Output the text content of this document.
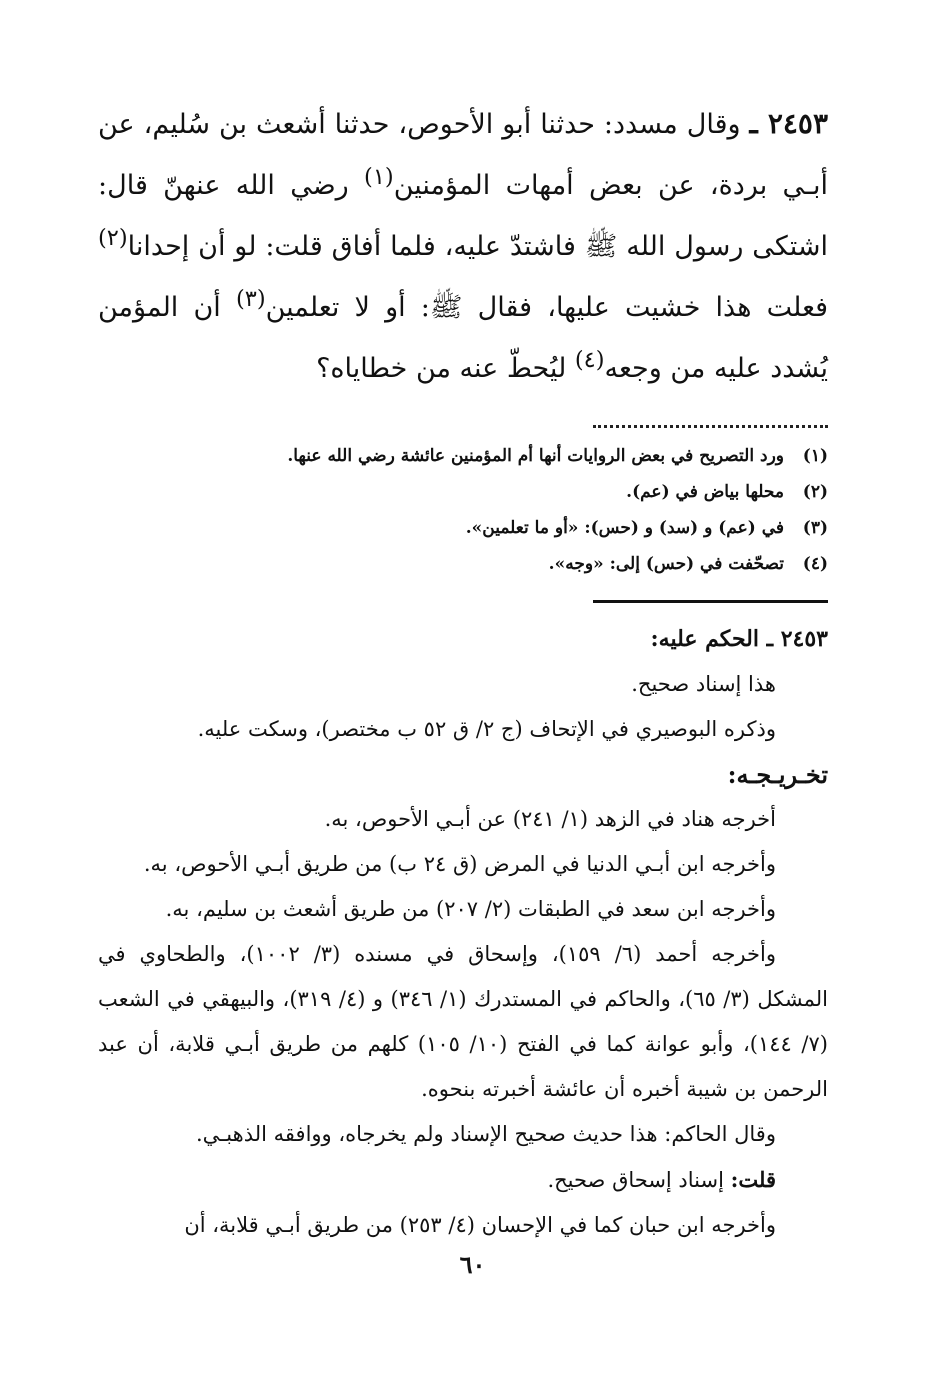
٢٤٥٣ ـ وقال مسدد: حدثنا أبو الأحوص، حدثنا أشعث بن سُليم، عن أبـي بردة، عن بعض أمهات المؤمنين$^{(١)}$ رضي الله عنهنّ قال: اشتكى رسول الله ﷺ فاشتدّ عليه، فلما أفاق قلت: لو أن إحدانا$^{(٢)}$ فعلت هذا خشيت عليها، فقال ﷺ: أو لا تعلمين$^{(٣)}$ أن المؤمن يُشدد عليه من وجعه$^{(٤)}$ ليُحطّ عنه من خطاياه؟

(١)ورد التصريح في بعض الروايات أنها أم المؤمنين عائشة رضي الله عنها.
(٢)محلها بياض في (عم).
(٣)في (عم) و (سد) و (حس): «أو ما تعلمين».
(٤)تصحّفت في (حس) إلى: «وجه».

٢٤٥٣ ـ الحكم عليه:

هذا إسناد صحيح.

وذكره البوصيري في الإتحاف (ج ٢/ ق ٥٢ ب مختصر)، وسكت عليه.

تخـريـجـه:

أخرجه هناد في الزهد (١/ ٢٤١) عن أبـي الأحوص، به.

وأخرجه ابن أبـي الدنيا في المرض (ق ٢٤ ب) من طريق أبـي الأحوص، به.

وأخرجه ابن سعد في الطبقات (٢/ ٢٠٧) من طريق أشعث بن سليم، به.

وأخرجه أحمد (٦/ ١٥٩)، وإسحاق في مسنده (٣/ ١٠٠٢)، والطحاوي في المشكل (٣/ ٦٥)، والحاكم في المستدرك (١/ ٣٤٦) و (٤/ ٣١٩)، والبيهقي في الشعب (٧/ ١٤٤)، وأبو عوانة كما في الفتح (١٠/ ١٠٥) كلهم من طريق أبـي قلابة، أن عبد الرحمن بن شيبة أخبره أن عائشة أخبرته بنحوه.

وقال الحاكم: هذا حديث صحيح الإسناد ولم يخرجاه، ووافقه الذهبـي.

قلت: إسناد إسحاق صحيح.

وأخرجه ابن حبان كما في الإحسان (٤/ ٢٥٣) من طريق أبـي قلابة، أن

٦٠
